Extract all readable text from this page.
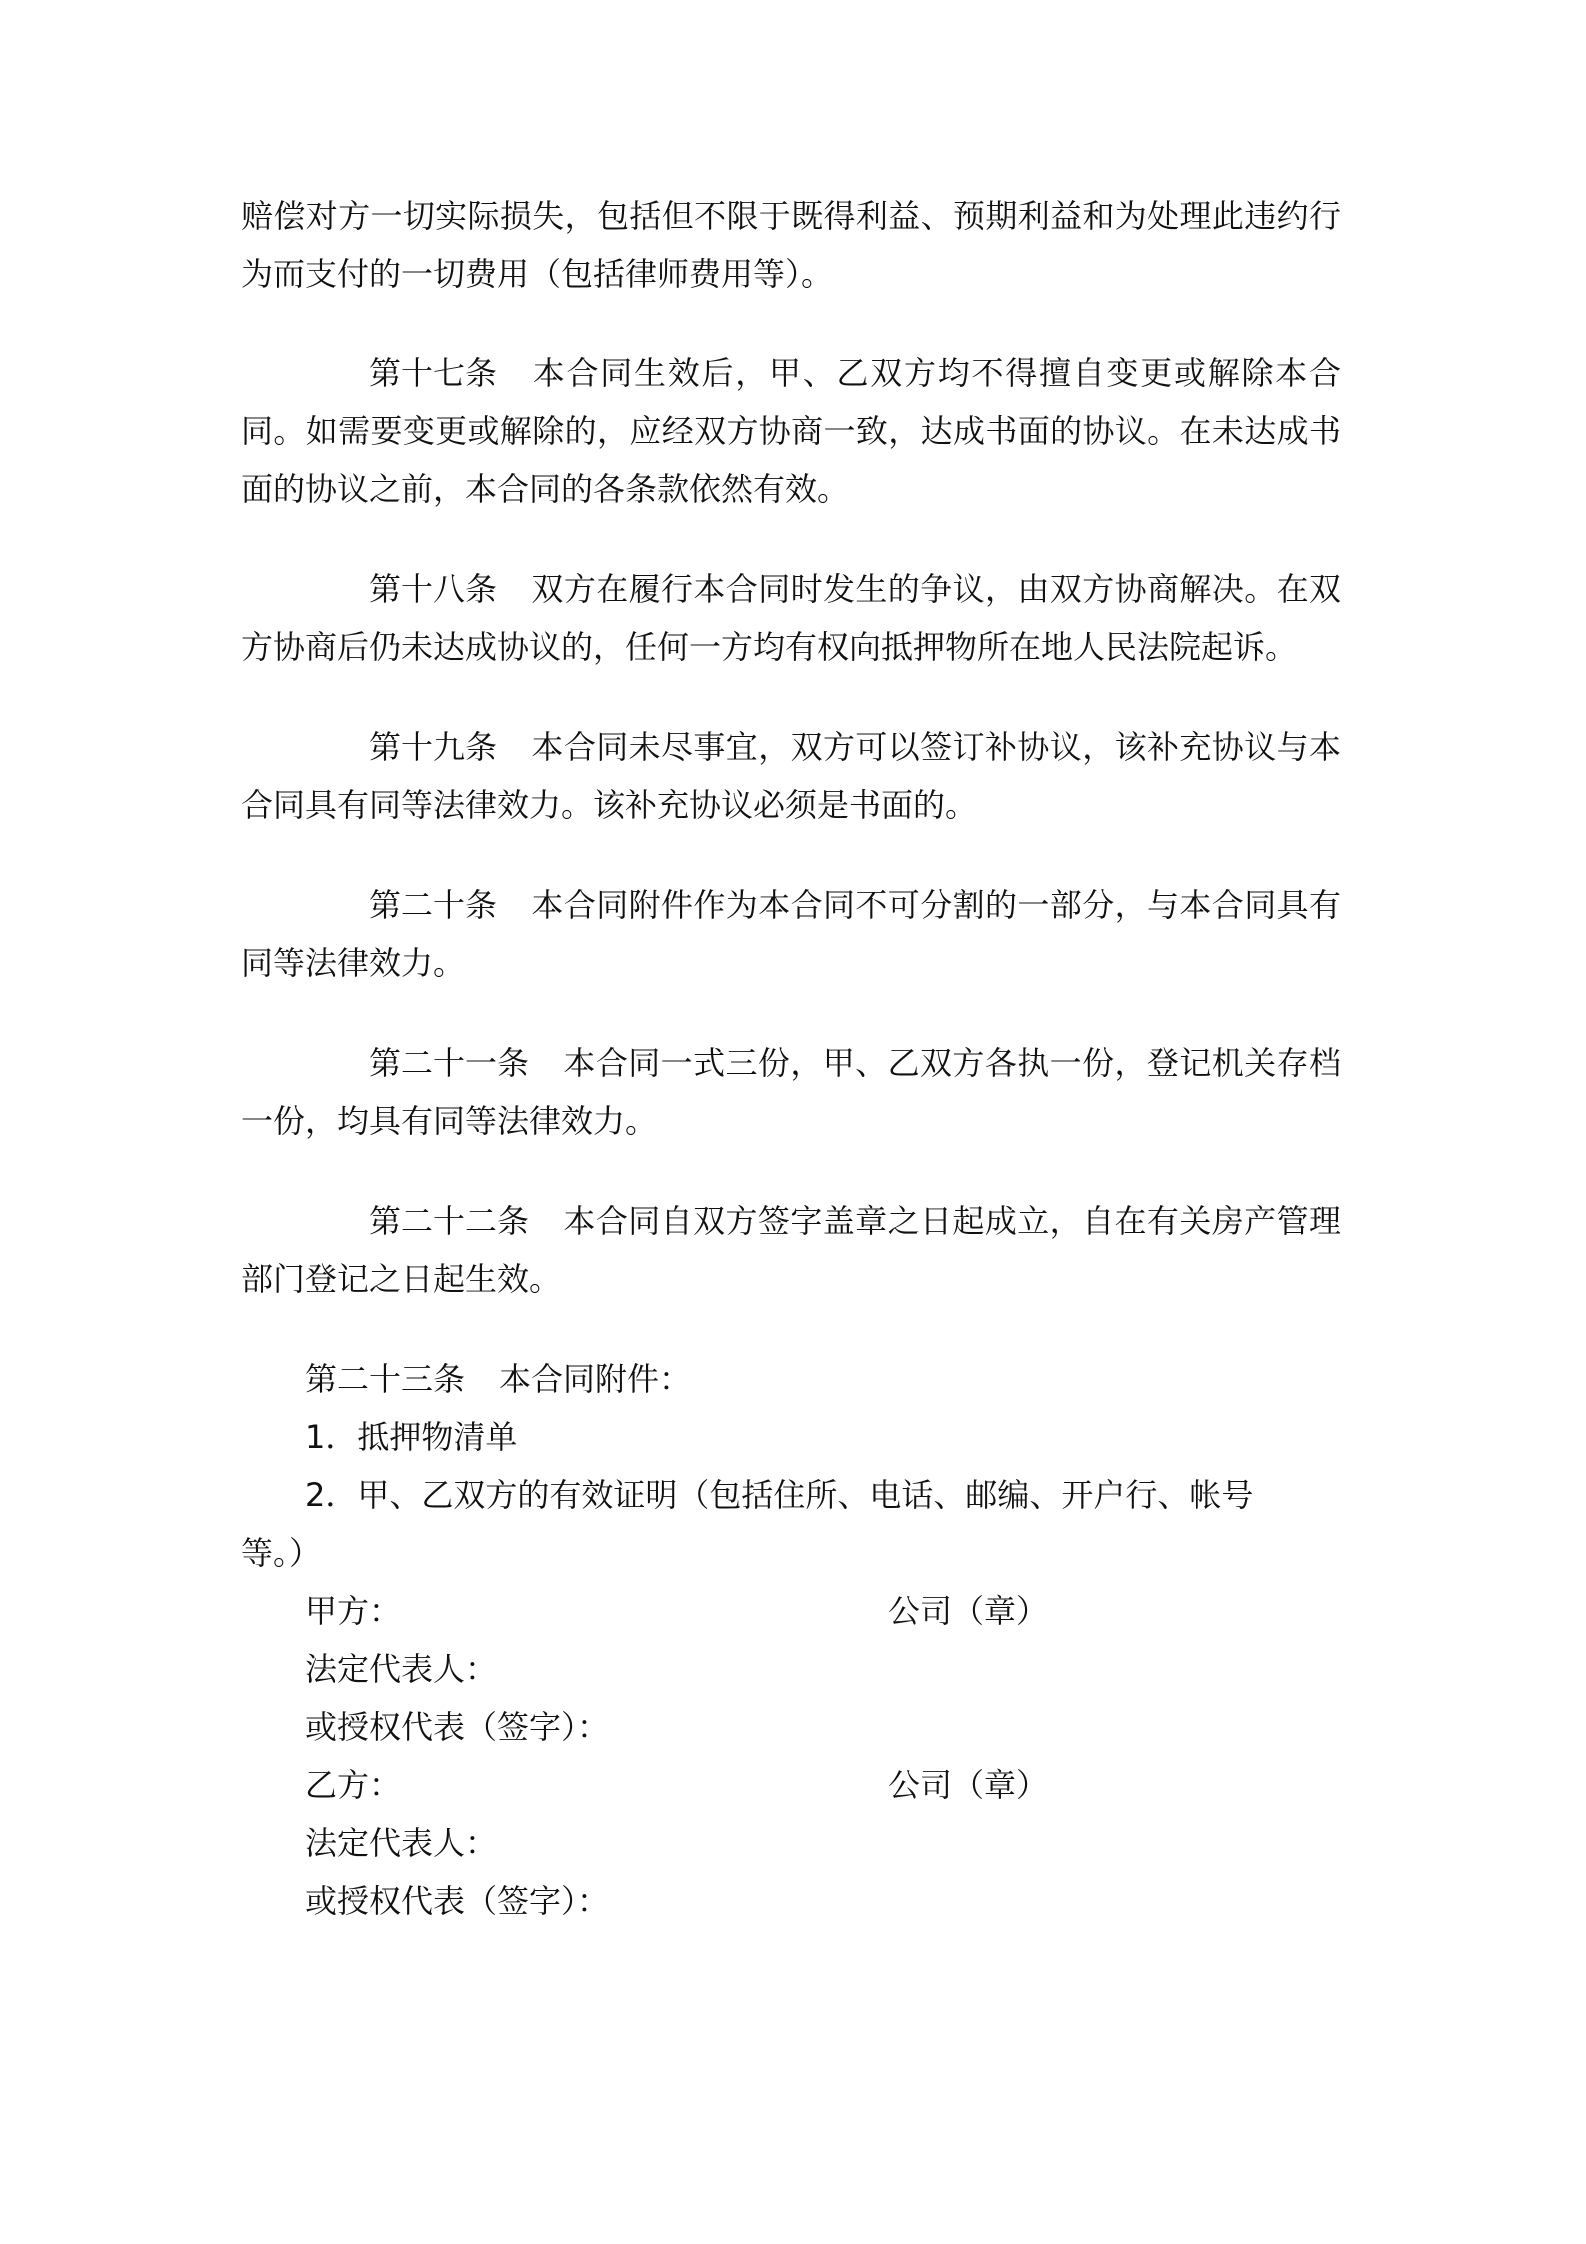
赔偿对方一切实际损失，包括但不限于既得利益、预期利益和为处理此违约行为而支付的一切费用（包括律师费用等）。

第十七条 本合同生效后，甲、乙双方均不得擅自变更或解除本合同。如需要变更或解除的，应经双方协商一致，达成书面的协议。在未达成书面的协议之前，本合同的各条款依然有效。

第十八条 双方在履行本合同时发生的争议，由双方协商解决。在双方协商后仍未达成协议的，任何一方均有权向抵押物所在地人民法院起诉。

第十九条 本合同未尽事宜，双方可以签订补协议，该补充协议与本合同具有同等法律效力。该补充协议必须是书面的。

第二十条 本合同附件作为本合同不可分割的一部分，与本合同具有同等法律效力。

第二十一条 本合同一式三份，甲、乙双方各执一份，登记机关存档一份，均具有同等法律效力。

第二十二条 本合同自双方签字盖章之日起成立，自在有关房产管理部门登记之日起生效。

第二十三条 本合同附件：

1．抵押物清单

2．甲、乙双方的有效证明（包括住所、电话、邮编、开户行、帐号

等。）

甲方：	公司（章）
法定代表人：
或授权代表（签字）：
乙方：	公司（章）
法定代表人：
或授权代表（签字）：
